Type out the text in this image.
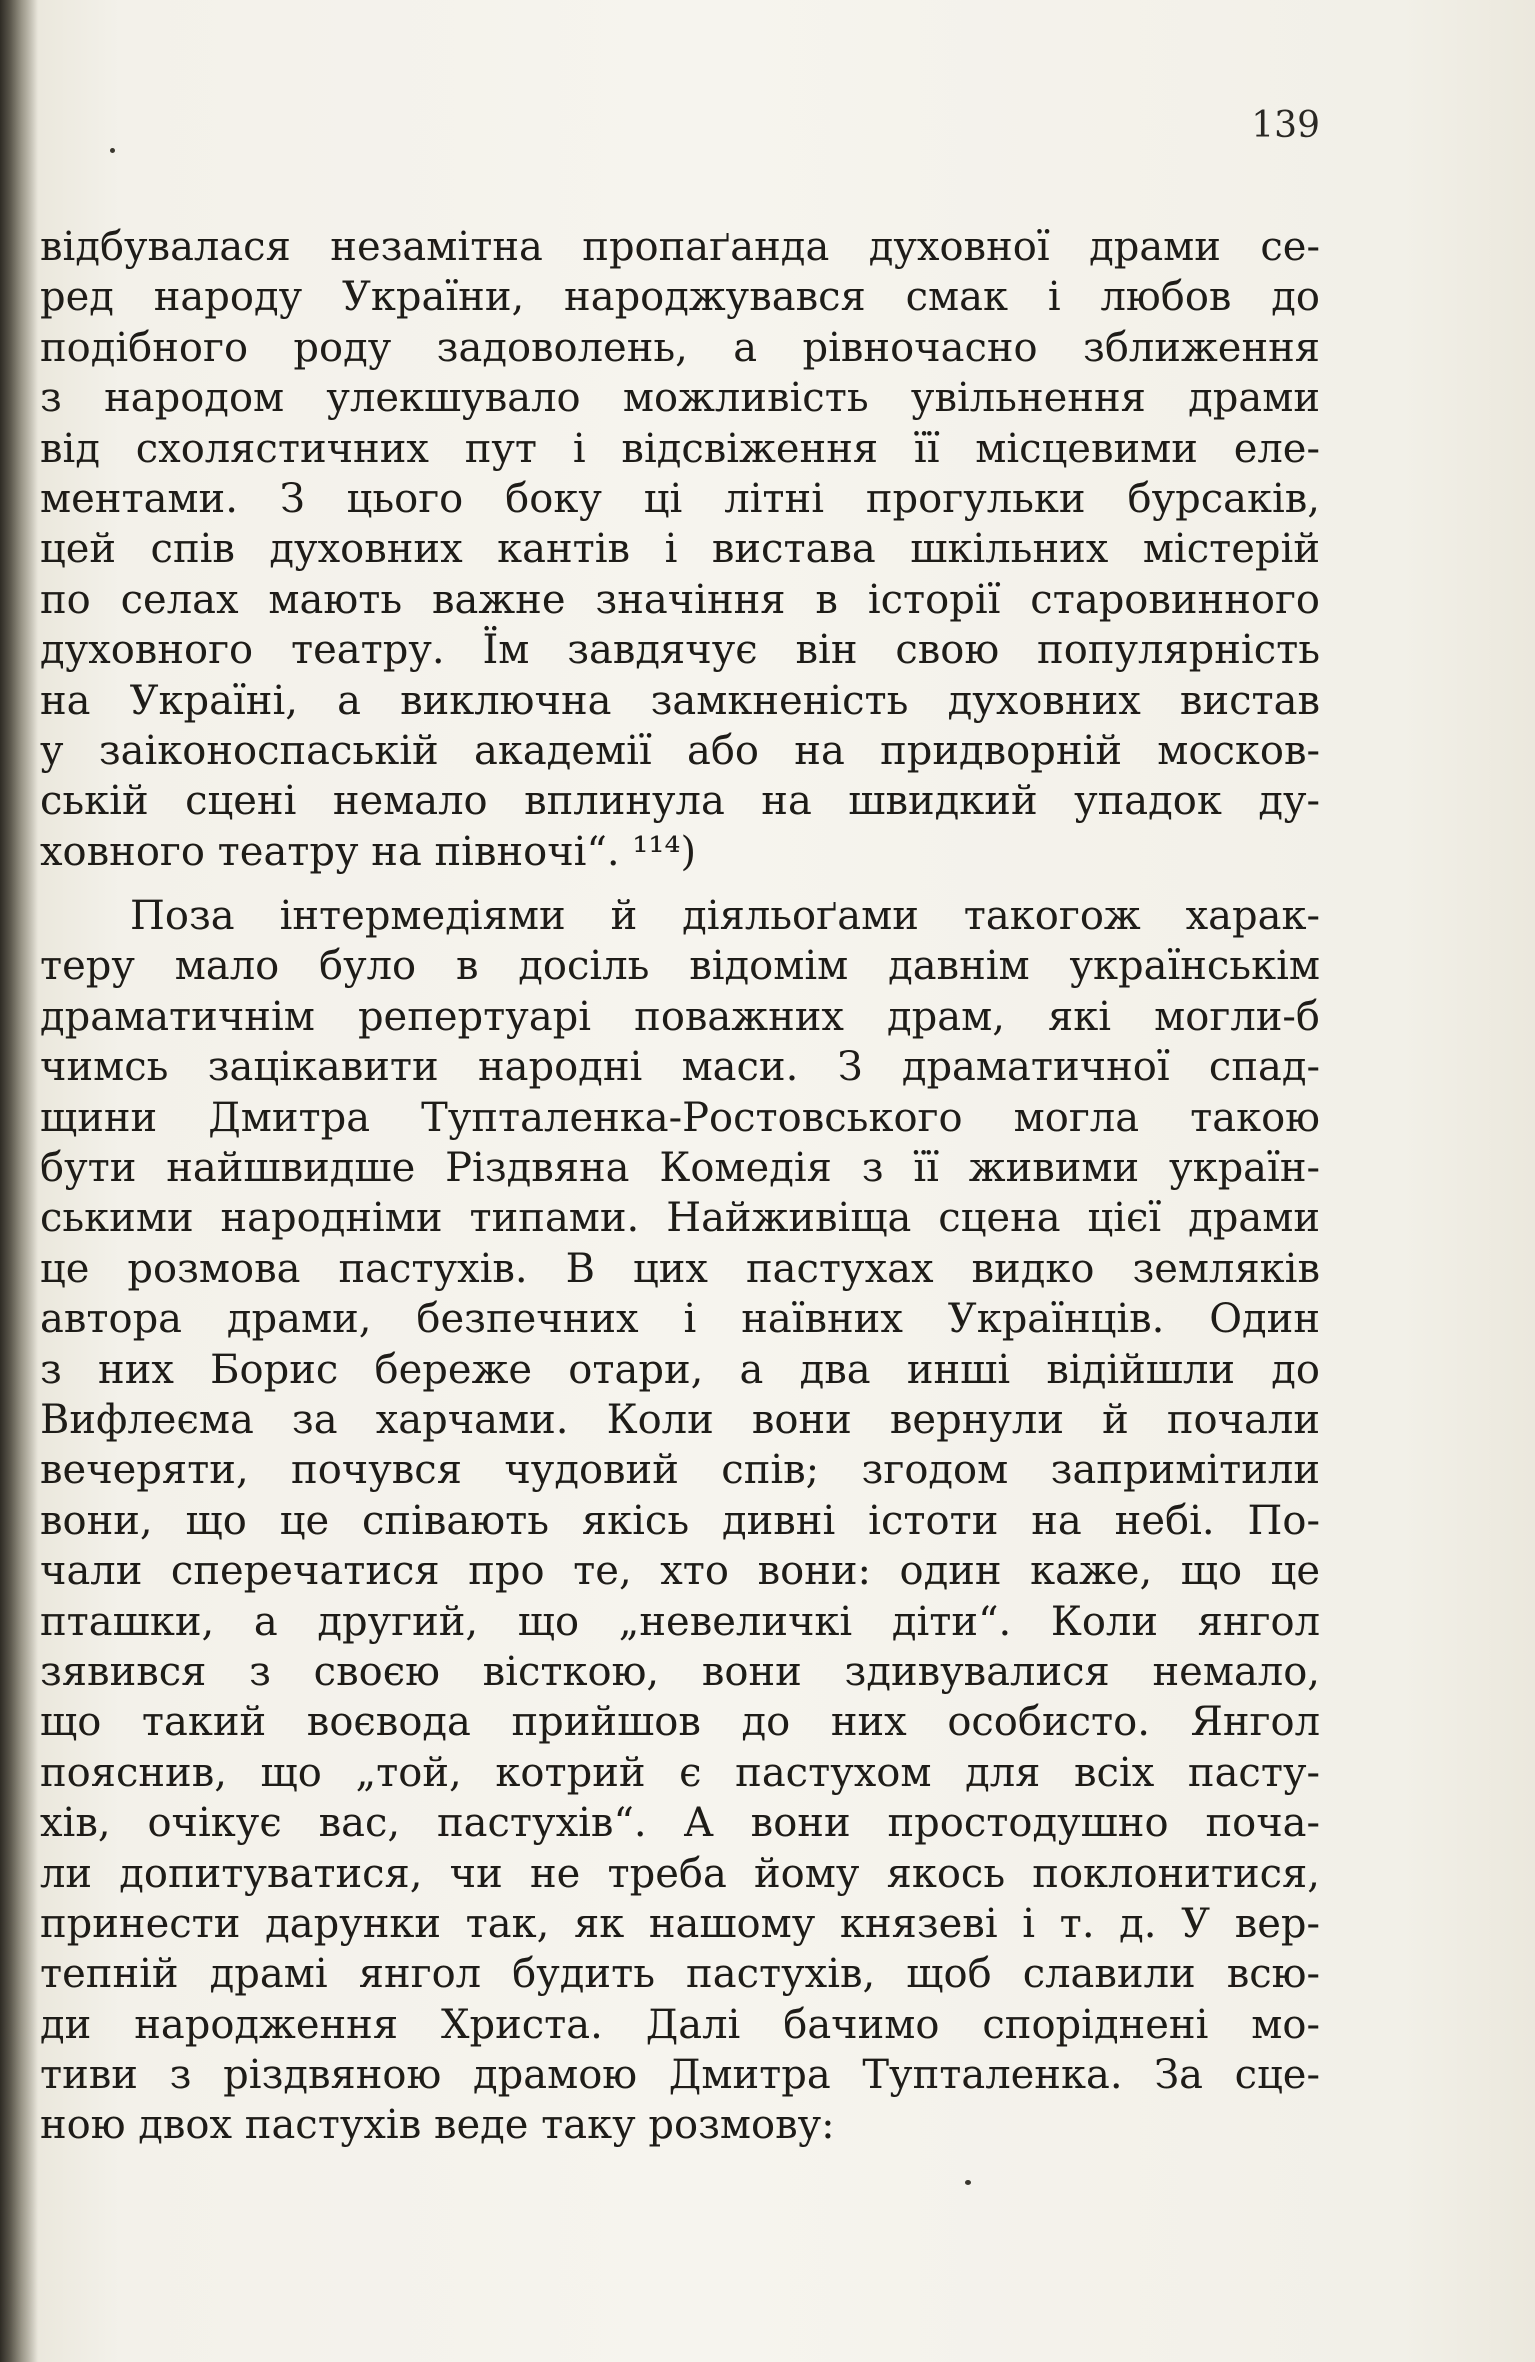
139
відбувалася незамітна пропаґанда духовної драми се-
ред народу України, народжувався смак і любов до
подібного роду задоволень, а рівночасно зближення
з народом улекшувало можливість увільнення драми
від схолястичних пут і відсвіження її місцевими еле-
ментами. З цього боку ці літні прогульки бурсаків,
цей спів духовних кантів і вистава шкільних містерій
по селах мають важне значіння в історії старовинного
духовного театру. Їм завдячує він свою популярність
на Україні, а виключна замкненість духовних вистав
у заіконоспаській академії або на придворній москов-
ській сцені немало вплинула на швидкий упадок ду-
ховного театру на півночі“. ¹¹⁴)
Поза інтермедіями й діяльоґами такогож харак-
теру мало було в досіль відомім давнім українськім
драматичнім репертуарі поважних драм, які могли-б
чимсь зацікавити народні маси. З драматичної спад-
щини Дмитра Тупталенка-Ростовського могла такою
бути найшвидше Різдвяна Комедія з її живими україн-
ськими народніми типами. Найживіща сцена цієї драми
це розмова пастухів. В цих пастухах видко земляків
автора драми, безпечних і наївних Українців. Один
з них Борис береже отари, а два инші відійшли до
Вифлеєма за харчами. Коли вони вернули й почали
вечеряти, почувся чудовий спів; згодом запримітили
вони, що це співають якісь дивні істоти на небі. По-
чали сперечатися про те, хто вони: один каже, що це
пташки, а другий, що „невеличкі діти“. Коли янгол
зявився з своєю вісткою, вони здивувалися немало,
що такий воєвода прийшов до них особисто. Янгол
пояснив, що „той, котрий є пастухом для всіх пасту-
хів, очікує вас, пастухів“. А вони простодушно поча-
ли допитуватися, чи не треба йому якось поклонитися,
принести дарунки так, як нашому князеві і т. д. У вер-
тепній драмі янгол будить пастухів, щоб славили всю-
ди народження Христа. Далі бачимо споріднені мо-
тиви з різдвяною драмою Дмитра Тупталенка. За сце-
ною двох пастухів веде таку розмову:
